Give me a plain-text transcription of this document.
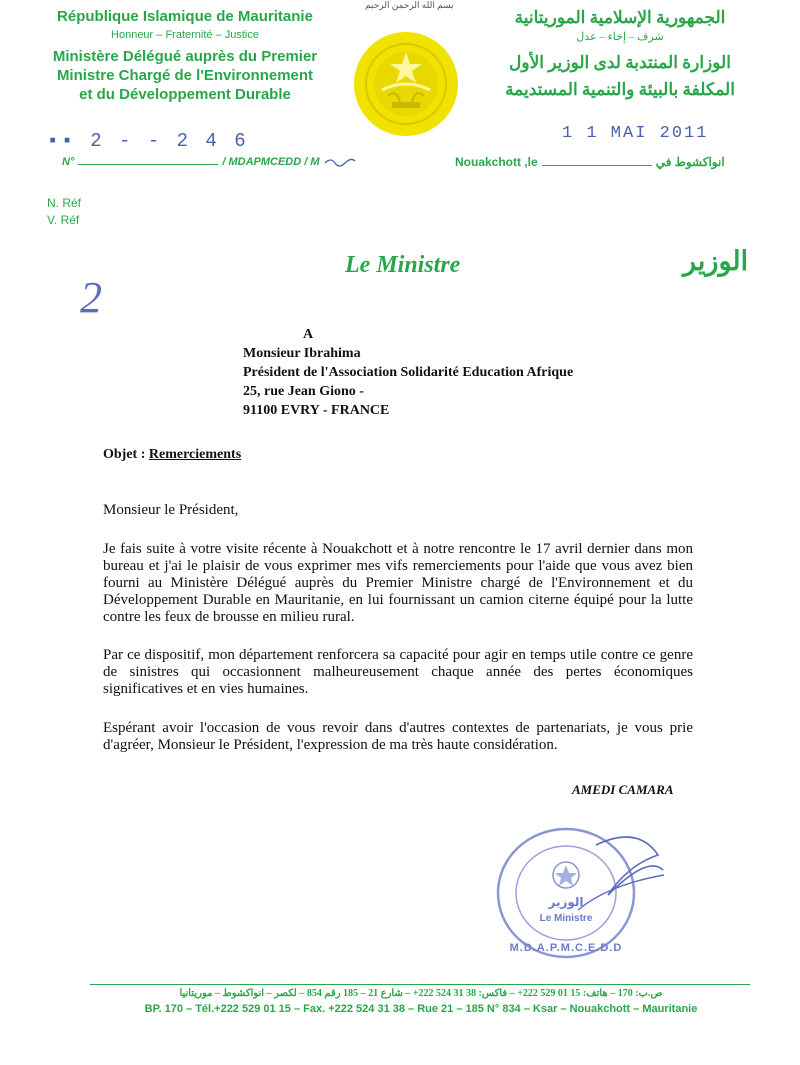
بسم الله الرحمن الرحيم
République Islamique de Mauritanie
Honneur – Fraternité – Justice
Ministère Délégué auprès du Premier
Ministre Chargé de l'Environnement
et du Développement Durable
الجمهورية الإسلامية الموريتانية
شرف – إخاء – عدل
الوزارة المنتدبة لدى الوزير الأول
المكلفة بالبيئة والتنمية المستديمة
▪▪ 2 - - 2 4 6	1 1 MAI 2011
N°	/ MDAPMCEDD / M	Nouakchott ,le	انواكشوط في
N. Réf
V. Réf
Le Ministre	الوزير
2
A
Monsieur Ibrahima
Président de l'Association Solidarité Education Afrique
25, rue Jean Giono -
91100 EVRY - FRANCE
Objet : Remerciements
Monsieur le Président,
Je fais suite à votre visite récente à Nouakchott et à notre rencontre le 17 avril dernier dans mon bureau et j'ai le plaisir de vous exprimer mes vifs remerciements pour l'aide que vous avez bien fourni au Ministère Délégué auprès du Premier Ministre chargé de l'Environnement et du Développement Durable en Mauritanie, en lui fournissant un camion citerne équipé pour la lutte contre les feux de brousse en milieu rural.
Par ce dispositif, mon département renforcera sa capacité pour agir en temps utile contre ce genre de sinistres qui occasionnent malheureusement chaque année des pertes économiques significatives et en vies humaines.
Espérant avoir l'occasion de vous revoir dans d'autres contextes de partenariats, je vous prie d'agréer, Monsieur le Président, l'expression de ma très haute considération.
AMEDI CAMARA
الوزير
Le Ministre
M.D.A.P.M.C.E.D.D
ص.ب: 170 – هاتف: 15 01 529 222+ – فاكس: 38 31 524 222+ – شارع 21 – 185 رقم 854 – لكصر – انواكشوط – موريتانيا
BP. 170 – Tél.+222 529 01 15 – Fax. +222 524 31 38 – Rue 21 – 185 N° 834 – Ksar – Nouakchott – Mauritanie
